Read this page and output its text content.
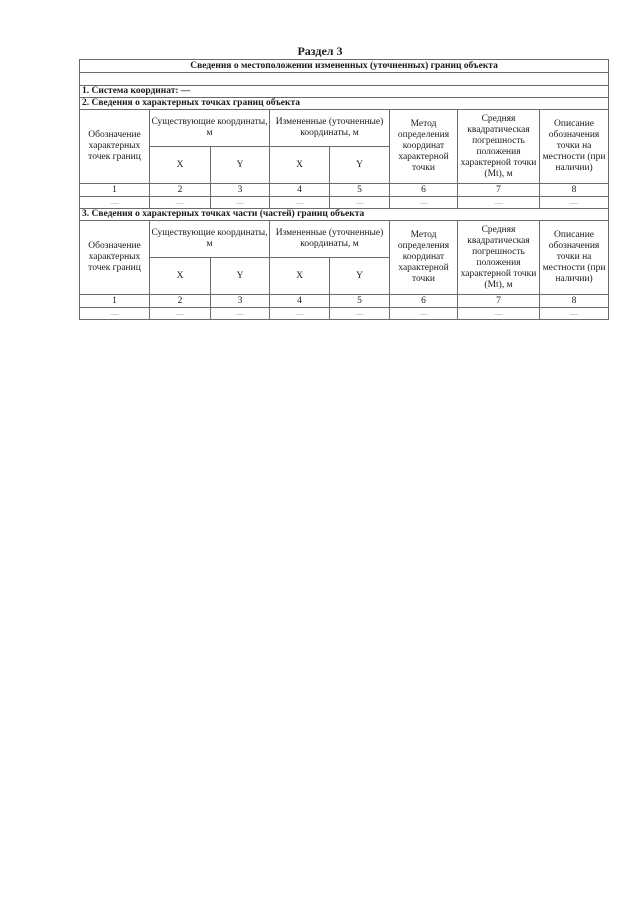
Раздел 3
Сведения о местоположении измененных (уточненных) границ объекта							

1. Система координат: —							
2. Сведения о характерных точках границ объекта							
Обозначение характерных точек границ	Существующие координаты, м		Измененные (уточненные) координаты, м		Метод определения координат характерной точки	Средняя квадратическая погрешность положения характерной точки (Mt), м	Описание обозначения точки на местности (при наличии)
	X	Y	X	Y			
1	2	3	4	5	6	7	8
—	—	—	—	—	—	—	—
3. Сведения о характерных точках части (частей) границ объекта							
Обозначение характерных точек границ	Существующие координаты, м		Измененные (уточненные) координаты, м		Метод определения координат характерной точки	Средняя квадратическая погрешность положения характерной точки (Mt), м	Описание обозначения точки на местности (при наличии)
	X	Y	X	Y			
1	2	3	4	5	6	7	8
—	—	—	—	—	—	—	—
